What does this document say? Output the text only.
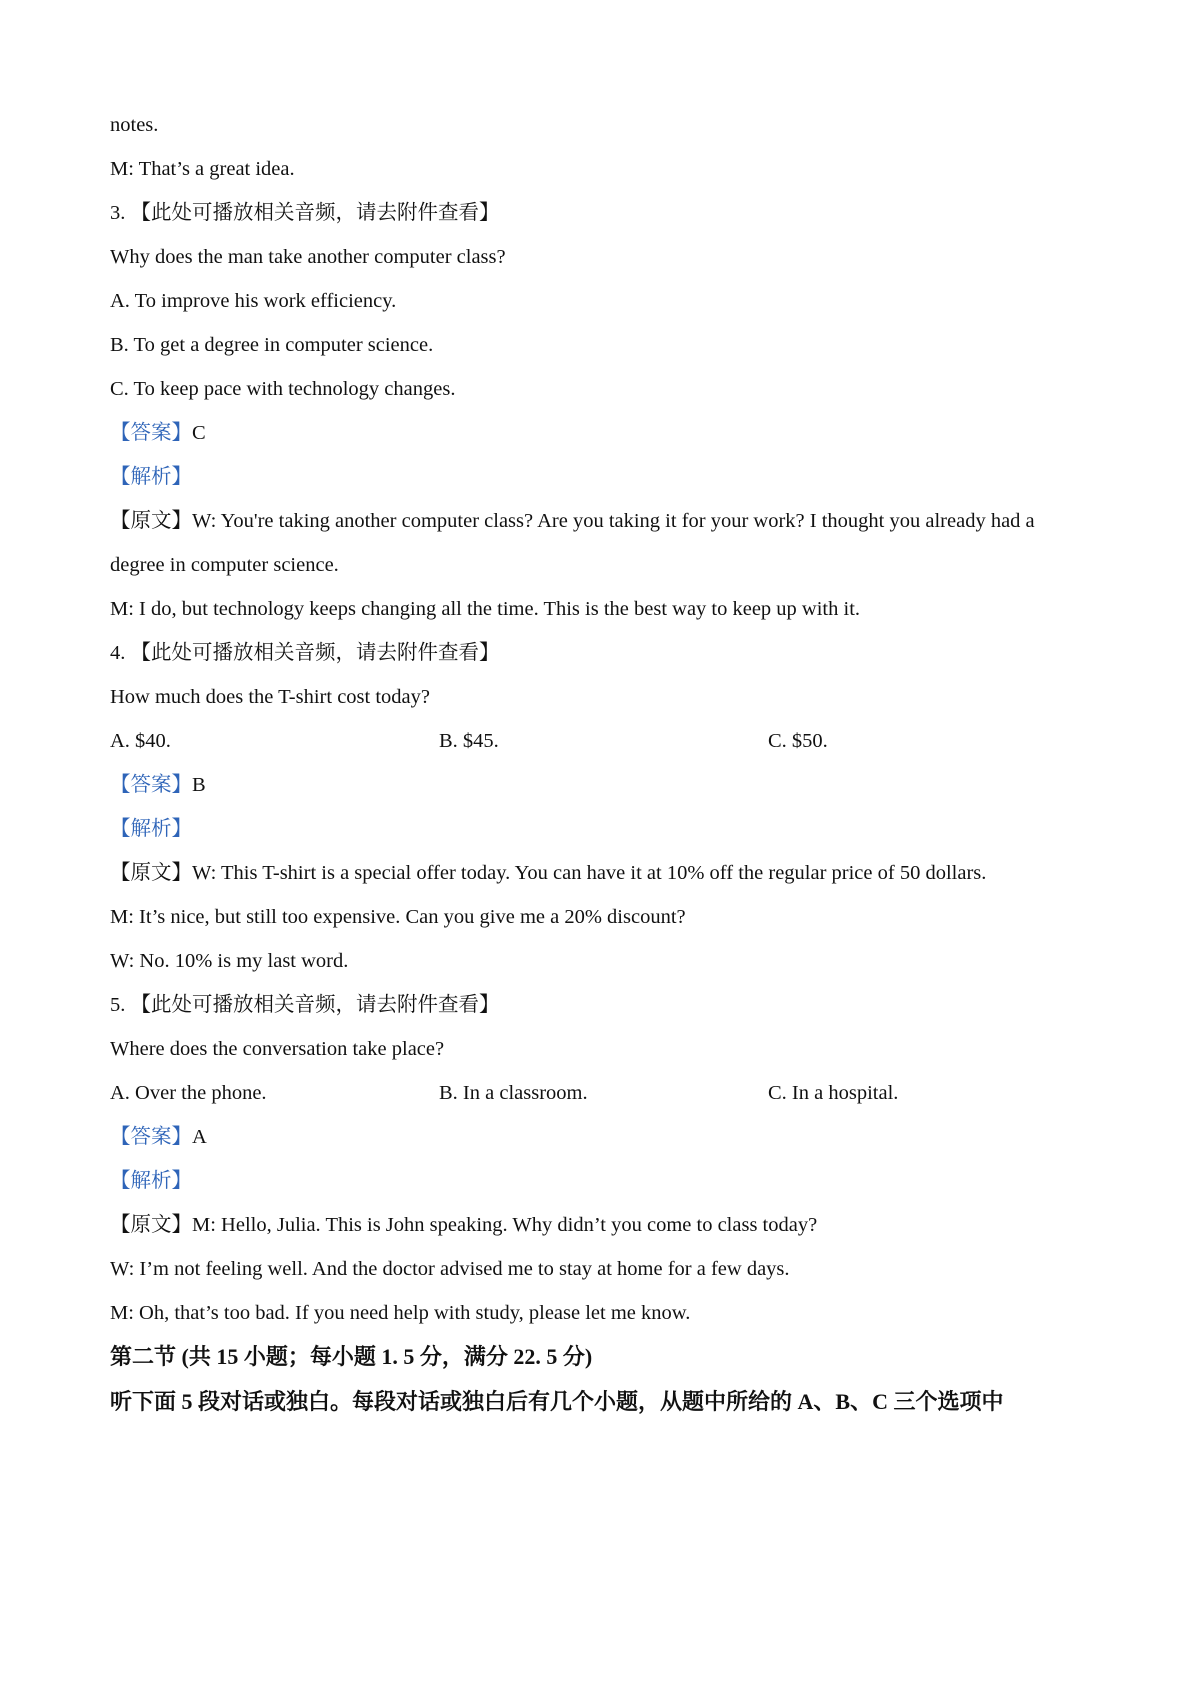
notes.
M: That’s a great idea.
3. 【此处可播放相关音频，请去附件查看】
Why does the man take another computer class?
A. To improve his work efficiency.
B. To get a degree in computer science.
C. To keep pace with technology changes.
【答案】C
【解析】
【原文】W: You're taking another computer class? Are you taking it for your work? I thought you already had a
degree in computer science.
M: I do, but technology keeps changing all the time. This is the best way to keep up with it.
4. 【此处可播放相关音频，请去附件查看】
How much does the T-shirt cost today?
A. $40.	B. $45.	C. $50.
【答案】B
【解析】
【原文】W: This T-shirt is a special offer today. You can have it at 10% off the regular price of 50 dollars.
M: It’s nice, but still too expensive. Can you give me a 20% discount?
W: No. 10% is my last word.
5. 【此处可播放相关音频，请去附件查看】
Where does the conversation take place?
A. Over the phone.	B. In a classroom.	C. In a hospital.
【答案】A
【解析】
【原文】M: Hello, Julia. This is John speaking. Why didn’t you come to class today?
W: I’m not feeling well. And the doctor advised me to stay at home for a few days.
M: Oh, that’s too bad. If you need help with study, please let me know.
第二节 (共 15 小题；每小题 1. 5 分，满分 22. 5 分)
听下面 5 段对话或独白。每段对话或独白后有几个小题，从题中所给的 A、B、C 三个选项中
